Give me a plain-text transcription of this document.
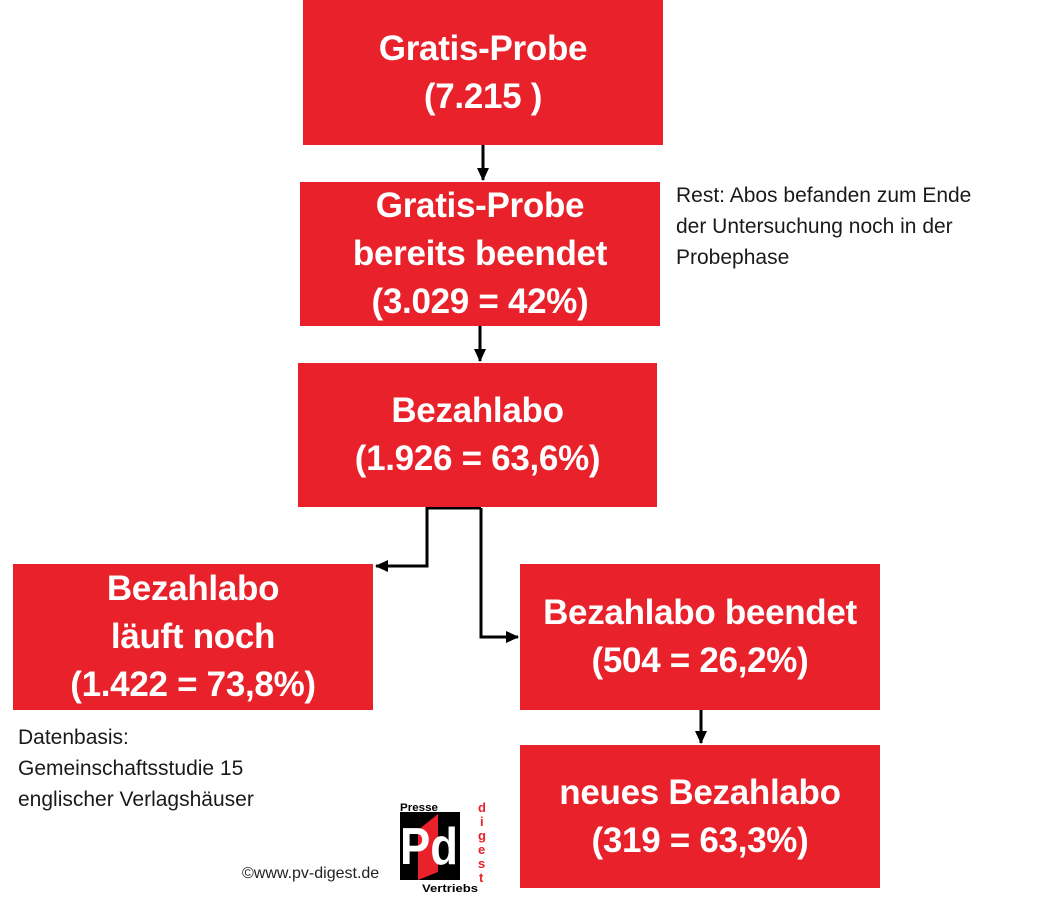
Gratis-Probe
(7.215 )
Gratis-Probe
bereits beendet
(3.029 = 42%)
Bezahlabo
(1.926 = 63,6%)
Bezahlabo
läuft noch
(1.422 = 73,8%)
Bezahlabo beendet
(504 = 26,2%)
neues Bezahlabo
(319 = 63,3%)
Rest: Abos befanden zum Ende
der Untersuchung noch in der
Probephase
Datenbasis:
Gemeinschaftsstudie 15
englischer Verlagshäuser
©www.pv-digest.de Pd
Presse
Vertriebs
d
i
g
e
s
t
